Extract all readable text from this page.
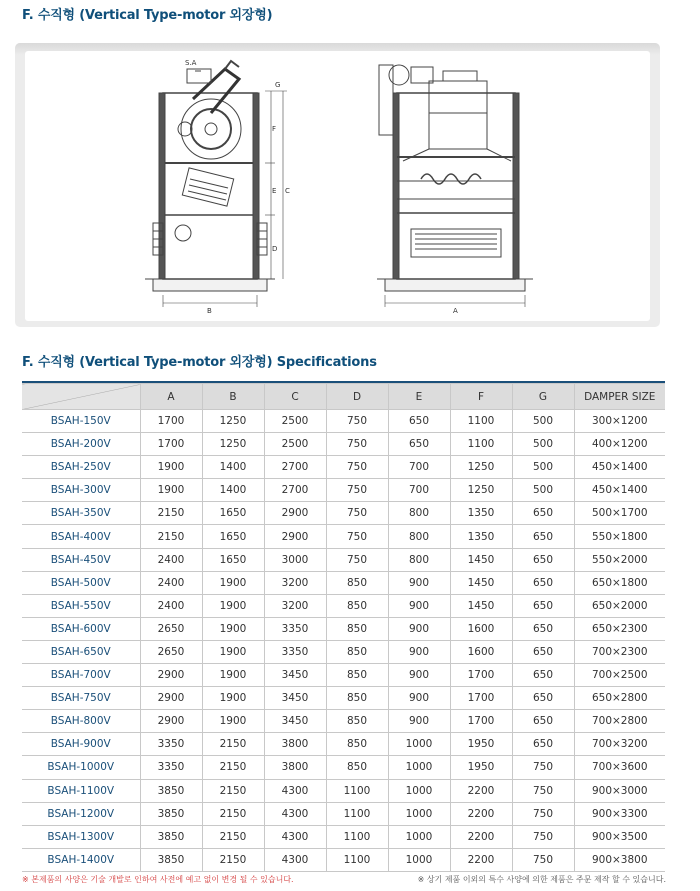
F. 수직형 (Vertical Type-motor 외장형)
S.A
F
E C
D
G
B	A
F. 수직형 (Vertical Type-motor 외장형) Specifications
	A	B	C	D	E	F	G	DAMPER SIZE
BSAH-150V	1700	1250	2500	750	650	1100	500	300×1200
BSAH-200V	1700	1250	2500	750	650	1100	500	400×1200
BSAH-250V	1900	1400	2700	750	700	1250	500	450×1400
BSAH-300V	1900	1400	2700	750	700	1250	500	450×1400
BSAH-350V	2150	1650	2900	750	800	1350	650	500×1700
BSAH-400V	2150	1650	2900	750	800	1350	650	550×1800
BSAH-450V	2400	1650	3000	750	800	1450	650	550×2000
BSAH-500V	2400	1900	3200	850	900	1450	650	650×1800
BSAH-550V	2400	1900	3200	850	900	1450	650	650×2000
BSAH-600V	2650	1900	3350	850	900	1600	650	650×2300
BSAH-650V	2650	1900	3350	850	900	1600	650	700×2300
BSAH-700V	2900	1900	3450	850	900	1700	650	700×2500
BSAH-750V	2900	1900	3450	850	900	1700	650	650×2800
BSAH-800V	2900	1900	3450	850	900	1700	650	700×2800
BSAH-900V	3350	2150	3800	850	1000	1950	650	700×3200
BSAH-1000V	3350	2150	3800	850	1000	1950	750	700×3600
BSAH-1100V	3850	2150	4300	1100	1000	2200	750	900×3000
BSAH-1200V	3850	2150	4300	1100	1000	2200	750	900×3300
BSAH-1300V	3850	2150	4300	1100	1000	2200	750	900×3500
BSAH-1400V	3850	2150	4300	1100	1000	2200	750	900×3800
※ 본제품의 사양은 기술 개발로 인하여 사전에 예고 없이 변경 될 수 있습니다.	※ 상기 제품 이외의 특수 사양에 의한 제품은 주문 제작 할 수 있습니다.
